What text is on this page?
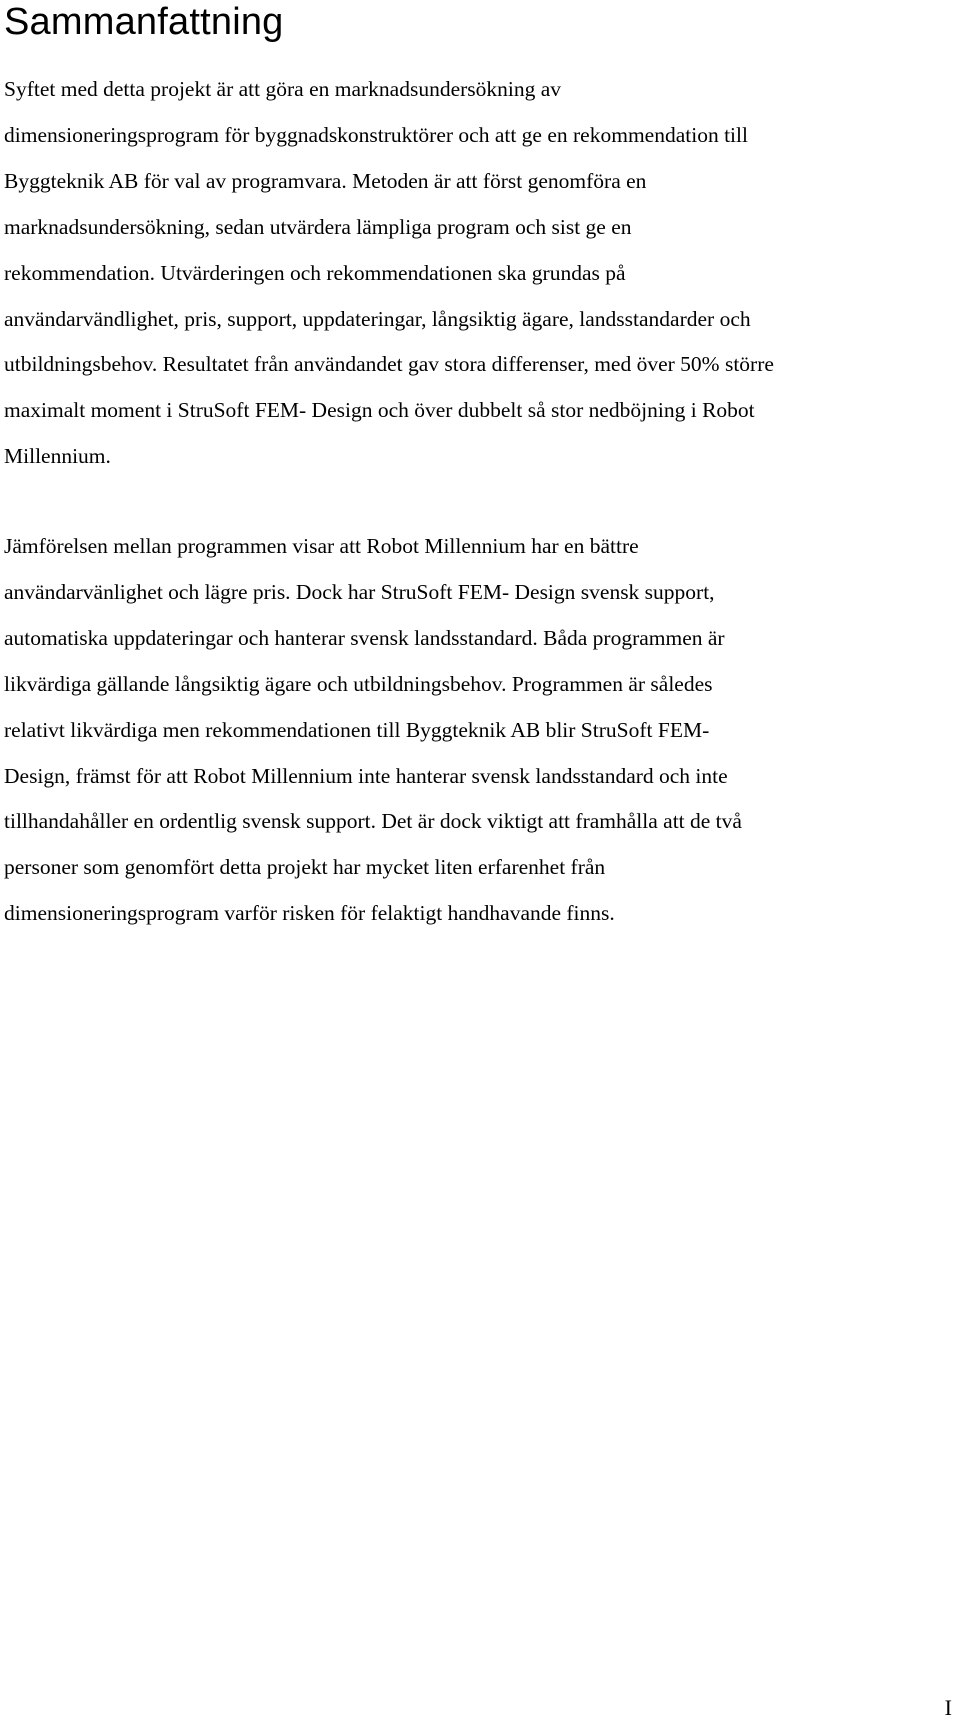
Sammanfattning

Syftet med detta projekt är att göra en marknadsundersökning av
dimensioneringsprogram för byggnadskonstruktörer och att ge en rekommendation till
Byggteknik AB för val av programvara. Metoden är att först genomföra en
marknadsundersökning, sedan utvärdera lämpliga program och sist ge en
rekommendation. Utvärderingen och rekommendationen ska grundas på
användarvändlighet, pris, support, uppdateringar, långsiktig ägare, landsstandarder och
utbildningsbehov. Resultatet från användandet gav stora differenser, med över 50% större
maximalt moment i StruSoft FEM- Design och över dubbelt så stor nedböjning i Robot
Millennium.

Jämförelsen mellan programmen visar att Robot Millennium har en bättre
användarvänlighet och lägre pris. Dock har StruSoft FEM- Design svensk support,
automatiska uppdateringar och hanterar svensk landsstandard. Båda programmen är
likvärdiga gällande långsiktig ägare och utbildningsbehov. Programmen är således
relativt likvärdiga men rekommendationen till Byggteknik AB blir StruSoft FEM-
Design, främst för att Robot Millennium inte hanterar svensk landsstandard och inte
tillhandahåller en ordentlig svensk support. Det är dock viktigt att framhålla att de två
personer som genomfört detta projekt har mycket liten erfarenhet från
dimensioneringsprogram varför risken för felaktigt handhavande finns.

I
